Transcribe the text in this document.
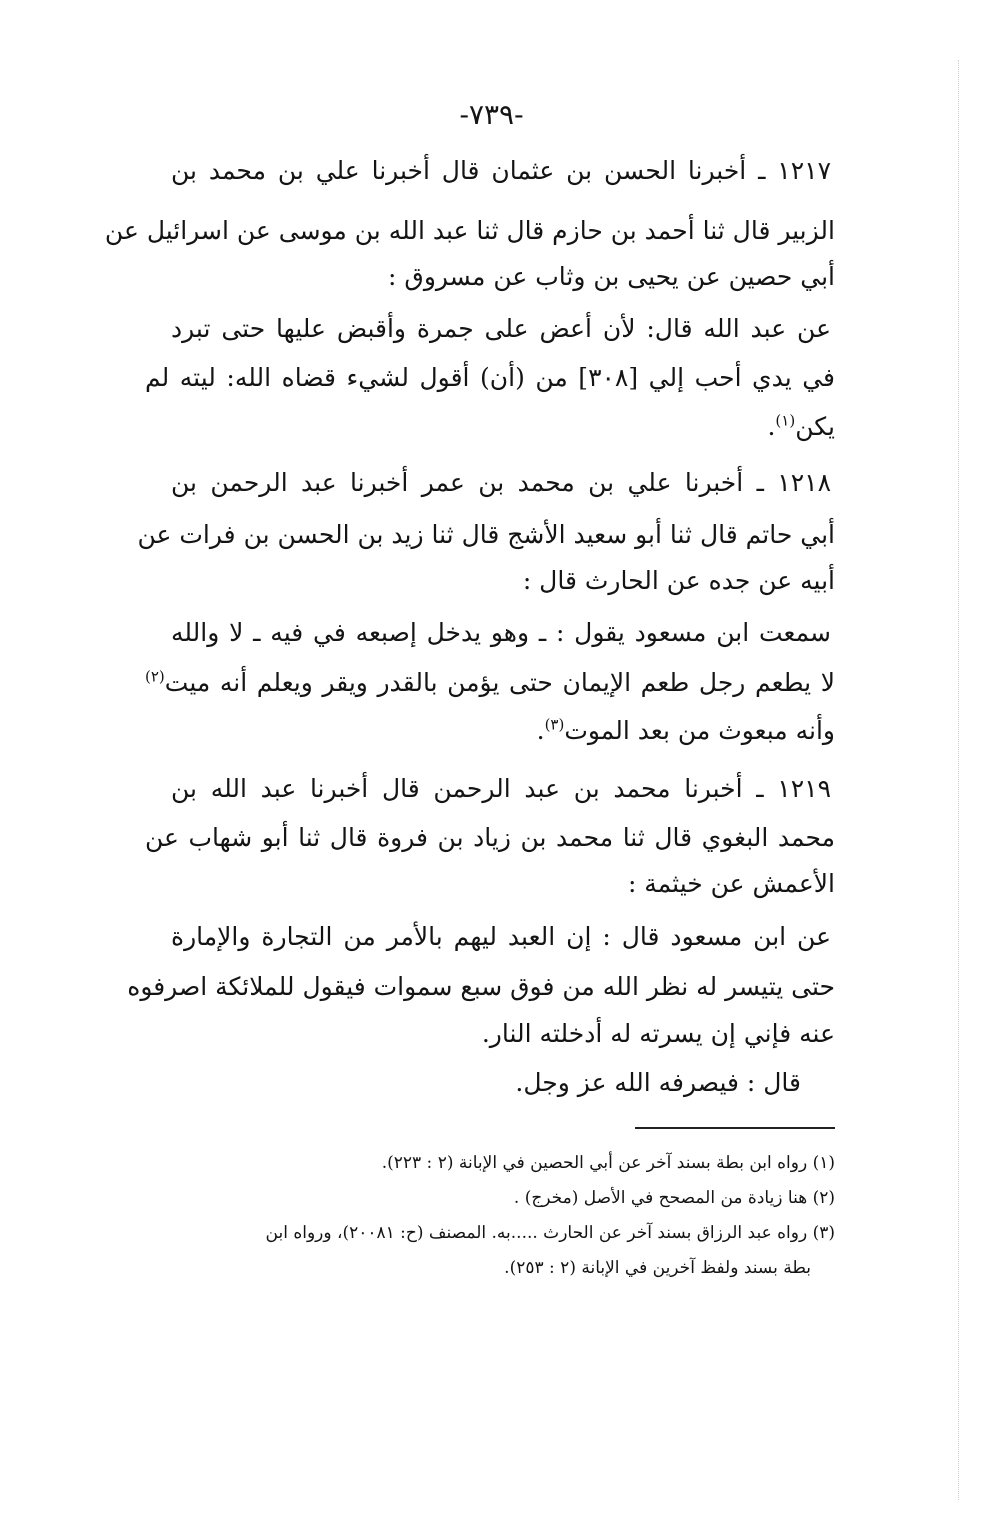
-٧٣٩-
١٢١٧ ـ أخبرنا الحسن بن عثمان قال أخبرنا علي بن محمد بن
الزبير قال ثنا أحمد بن حازم قال ثنا عبد الله بن موسى عن اسرائيل عن
أبي حصين عن يحيى بن وثاب عن مسروق :
عن عبد الله قال: لأن أعض على جمرة وأقبض عليها حتى تبرد
في يدي أحب إلي [٣٠٨] من (أن) أقول لشيء قضاه الله: ليته لم
يكن$^{(١)}$.
١٢١٨ ـ أخبرنا علي بن محمد بن عمر أخبرنا عبد الرحمن بن
أبي حاتم قال ثنا أبو سعيد الأشج قال ثنا زيد بن الحسن بن فرات عن
أبيه عن جده عن الحارث قال :
سمعت ابن مسعود يقول : ـ وهو يدخل إصبعه في فيه ـ لا والله
لا يطعم رجل طعم الإيمان حتى يؤمن بالقدر ويقر ويعلم أنه ميت$^{(٢)}$
وأنه مبعوث من بعد الموت$^{(٣)}$.
١٢١٩ ـ أخبرنا محمد بن عبد الرحمن قال أخبرنا عبد الله بن
محمد البغوي قال ثنا محمد بن زياد بن فروة قال ثنا أبو شهاب عن
الأعمش عن خيثمة :
عن ابن مسعود قال : إن العبد ليهم بالأمر من التجارة والإمارة
حتى يتيسر له نظر الله من فوق سبع سموات فيقول للملائكة اصرفوه
عنه فإني إن يسرته له أدخلته النار.
قال : فيصرفه الله عز وجل.
(١) رواه ابن بطة بسند آخر عن أبي الحصين في الإبانة (٢ : ٢٢٣).
(٢) هنا زيادة من المصحح في الأصل (مخرج) .
(٣) رواه عبد الرزاق بسند آخر عن الحارث .....به. المصنف (ح: ٢٠٠٨١)، ورواه ابن
بطة بسند ولفظ آخرين في الإبانة (٢ : ٢٥٣).
